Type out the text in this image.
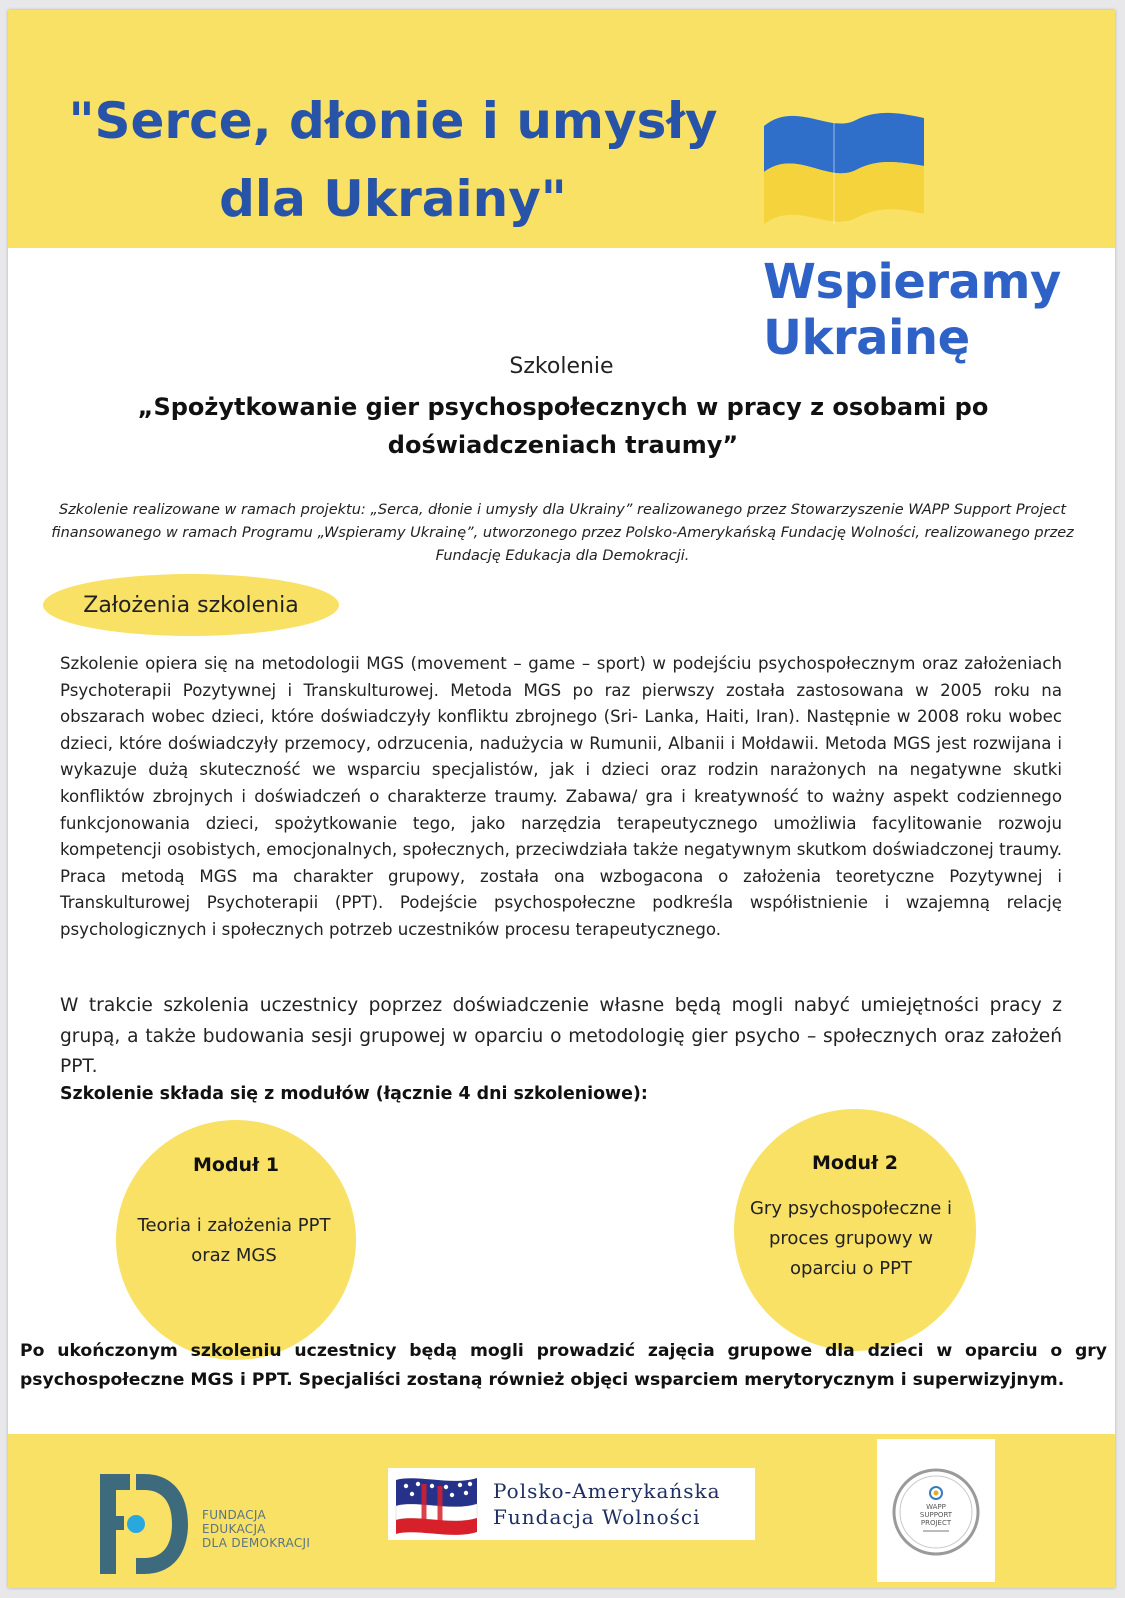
"Serce, dłonie i umysły
dla Ukrainy"
Wspieramy
Ukrainę
Szkolenie
„Spożytkowanie gier psychospołecznych w pracy z osobami po
doświadczeniach traumy”

Szkolenie realizowane w ramach projektu: „Serca, dłonie i umysły dla Ukrainy” realizowanego przez Stowarzyszenie WAPP Support Project finansowanego w ramach Programu „Wspieramy Ukrainę”, utworzonego przez Polsko-Amerykańską Fundację Wolności, realizowanego przez Fundację Edukacja dla Demokracji.

Założenia szkolenia

Szkolenie opiera się na metodologii MGS (movement – game – sport) w podejściu psychospołecznym oraz założeniach Psychoterapii Pozytywnej i Transkulturowej. Metoda MGS po raz pierwszy została zastosowana w 2005 roku na obszarach wobec dzieci, które doświadczyły konfliktu zbrojnego (Sri- Lanka, Haiti, Iran). Następnie w 2008 roku wobec dzieci, które doświadczyły przemocy, odrzucenia, nadużycia w Rumunii, Albanii i Mołdawii. Metoda MGS jest rozwijana i wykazuje dużą skuteczność we wsparciu specjalistów, jak i dzieci oraz rodzin narażonych na negatywne skutki konfliktów zbrojnych i doświadczeń o charakterze traumy. Zabawa/ gra i kreatywność to ważny aspekt codziennego funkcjonowania dzieci, spożytkowanie tego, jako narzędzia terapeutycznego umożliwia facylitowanie rozwoju kompetencji osobistych, emocjonalnych, społecznych, przeciwdziała także negatywnym skutkom doświadczonej traumy. Praca metodą MGS ma charakter grupowy, została ona wzbogacona o założenia teoretyczne Pozytywnej i Transkulturowej Psychoterapii (PPT). Podejście psychospołeczne podkreśla współistnienie i wzajemną relację psychologicznych i społecznych potrzeb uczestników procesu terapeutycznego.

W trakcie szkolenia uczestnicy poprzez doświadczenie własne będą mogli nabyć umiejętności pracy z grupą, a także budowania sesji grupowej w oparciu o metodologię gier psycho – społecznych oraz założeń PPT.

Szkolenie składa się z modułów (łącznie 4 dni szkoleniowe):

Moduł 1
Teoria i założenia PPT oraz MGS
Moduł 2
Gry psychospołeczne i proces grupowy w oparciu o PPT

Po ukończonym szkoleniu uczestnicy będą mogli prowadzić zajęcia grupowe dla dzieci w oparciu o gry psychospołeczne MGS i PPT. Specjaliści zostaną również objęci wsparciem merytorycznym i superwizyjnym.

FUNDACJA
EDUKACJA
DLA DEMOKRACJI
Polsko-Amerykańska
Fundacja Wolności	WAPP
SUPPORT
PROJECT
